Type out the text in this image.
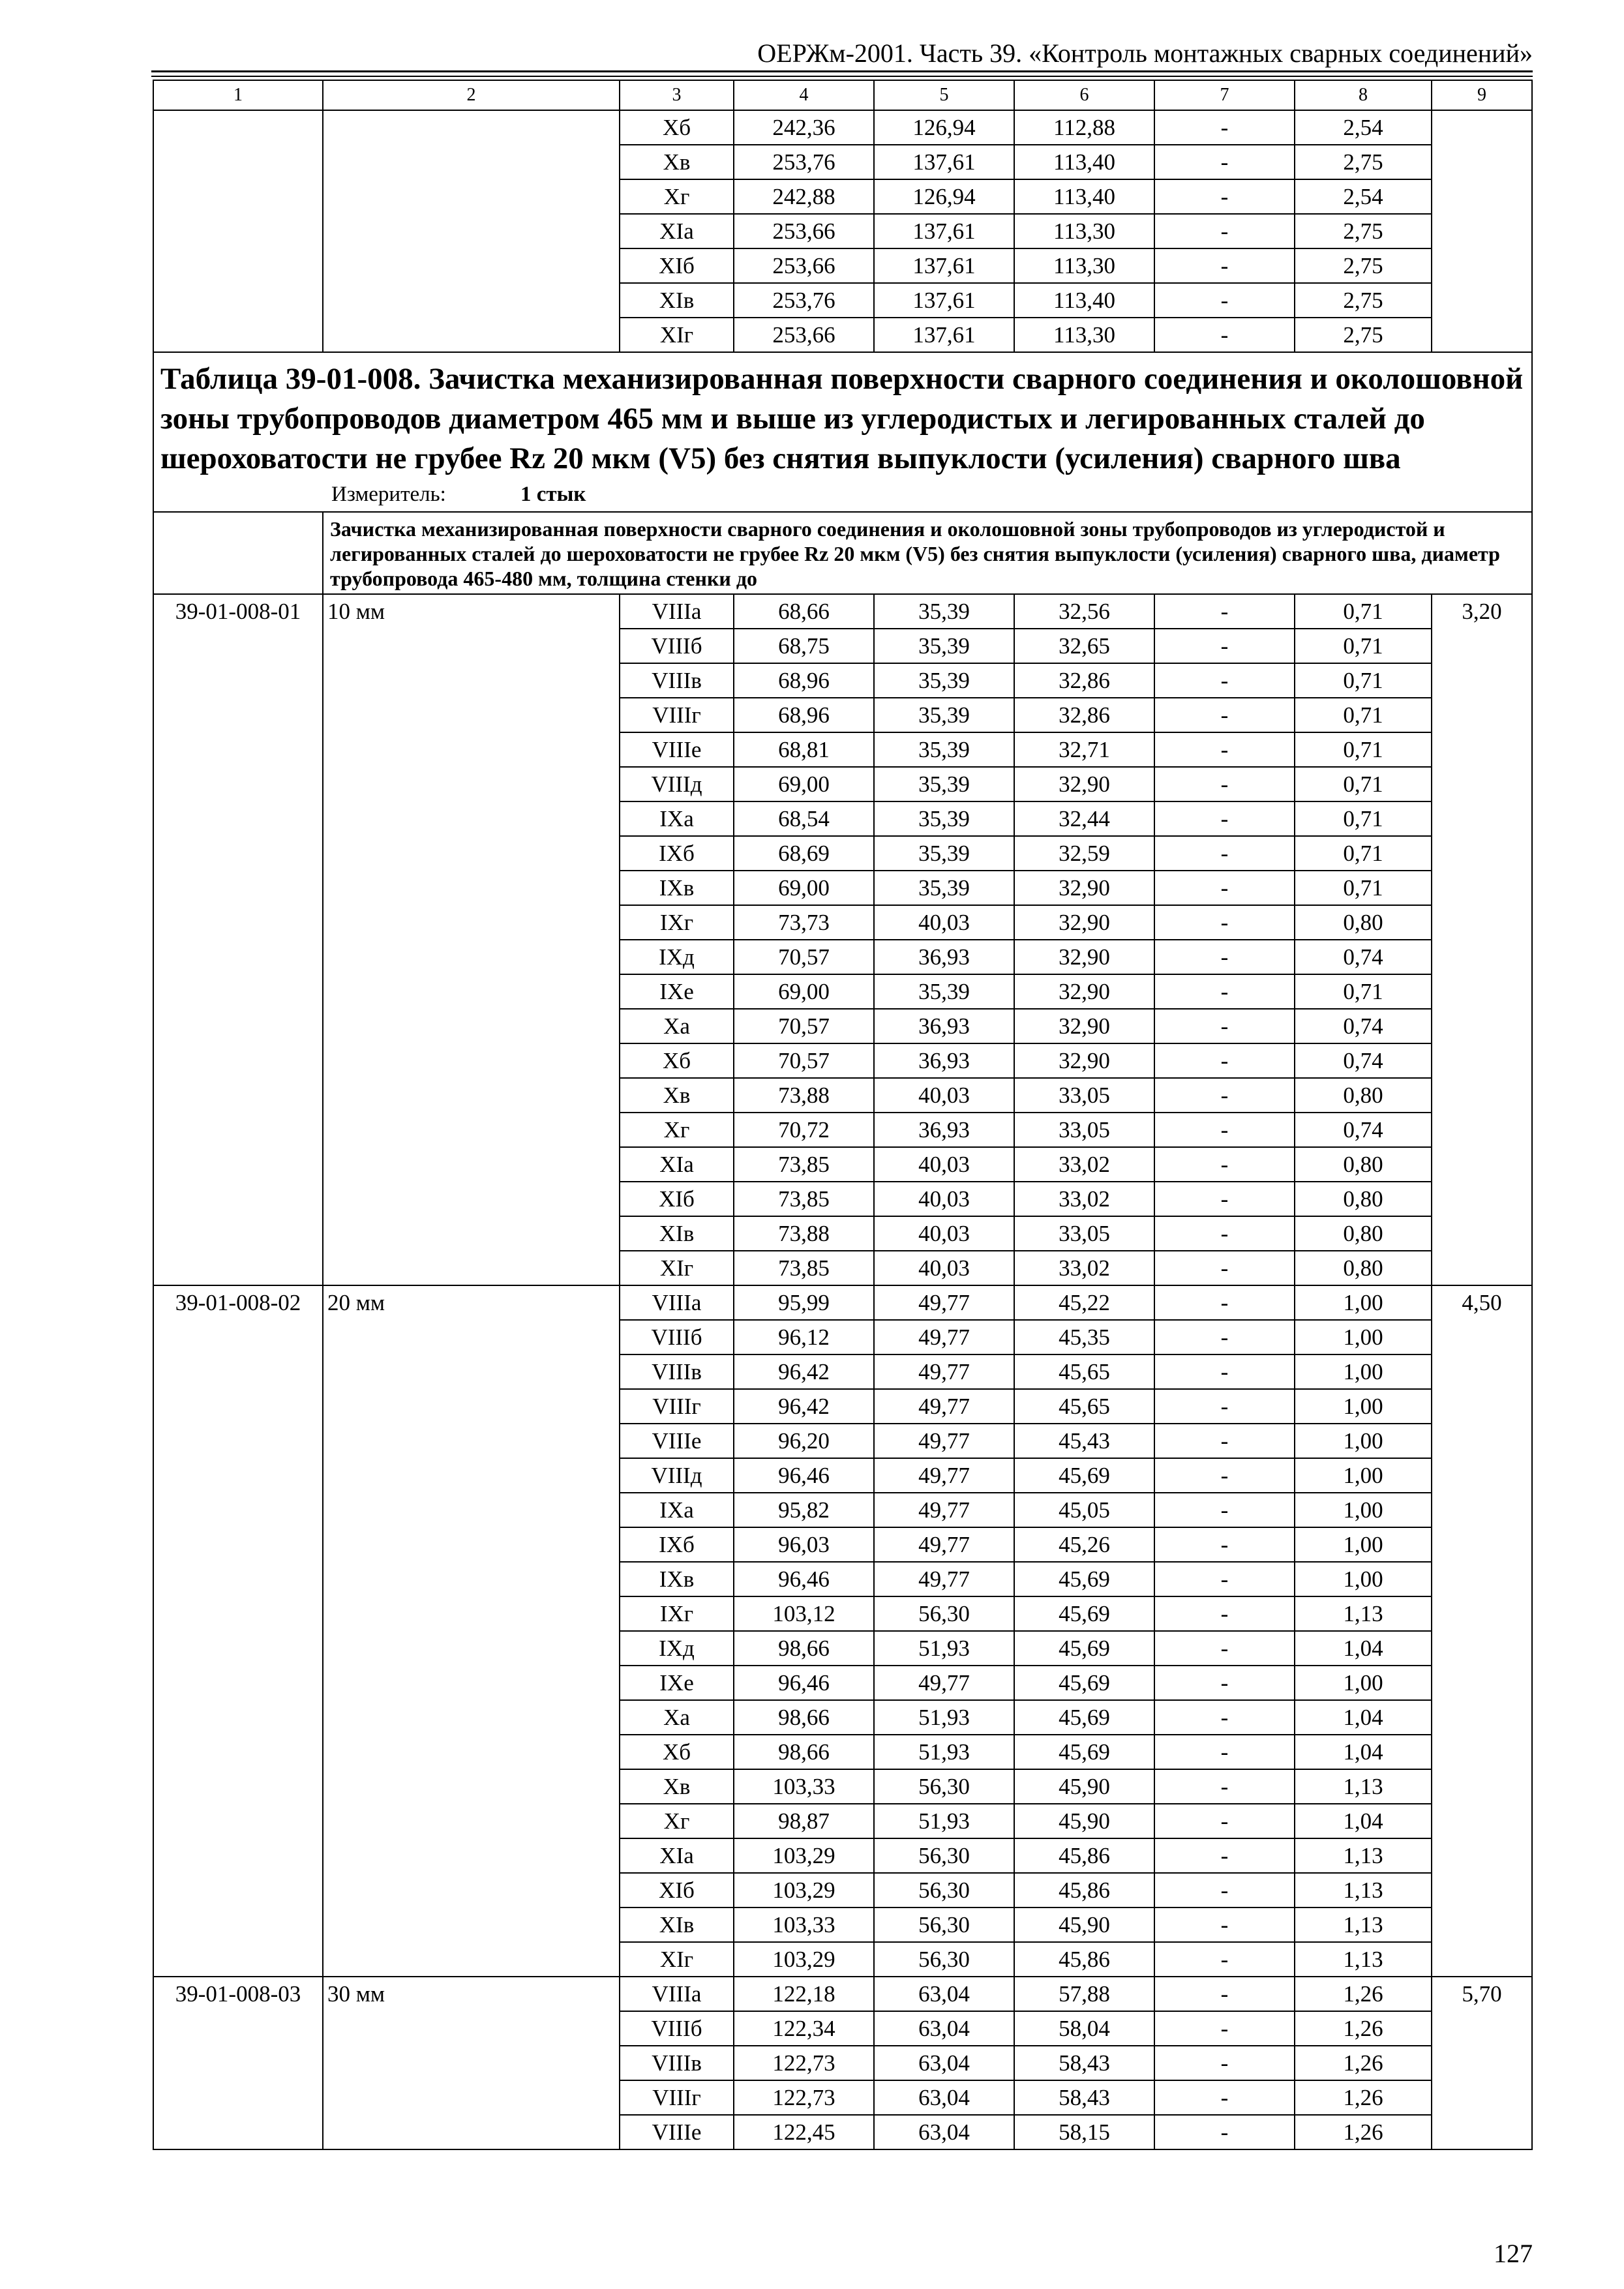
ОЕРЖм-2001. Часть 39. «Контроль монтажных сварных соединений»
1	2	3	4	5	6	7	8	9
		Хб	242,36	126,94	112,88	-	2,54	
		Хв	253,76	137,61	113,40	-	2,75	
		Хг	242,88	126,94	113,40	-	2,54	
		ХIа	253,66	137,61	113,30	-	2,75	
		ХIб	253,66	137,61	113,30	-	2,75	
		ХIв	253,76	137,61	113,40	-	2,75	
		ХIг	253,66	137,61	113,30	-	2,75	

Таблица 39-01-008. Зачистка механизированная поверхности сварного соединения и околошовной зоны трубопроводов диаметром 465 мм и выше из углеродистых и легированных сталей до шероховатости не грубее Rz 20 мкм (V5) без снятия выпуклости (усиления) сварного шва
Измеритель: 1 стык								

	Зачистка механизированная поверхности сварного соединения и околошовной зоны трубопроводов из углеродистой и легированных сталей до шероховатости не грубее Rz 20 мкм (V5) без снятия выпуклости (усиления) сварного шва, диаметр трубопровода 465-480 мм, толщина стенки до							
39-01-008-01	10 мм	VIIIа	68,66	35,39	32,56	-	0,71	3,20
		VIIIб	68,75	35,39	32,65	-	0,71	
		VIIIв	68,96	35,39	32,86	-	0,71	
		VIIIг	68,96	35,39	32,86	-	0,71	
		VIIIе	68,81	35,39	32,71	-	0,71	
		VIIIд	69,00	35,39	32,90	-	0,71	
		IХа	68,54	35,39	32,44	-	0,71	
		IХб	68,69	35,39	32,59	-	0,71	
		IХв	69,00	35,39	32,90	-	0,71	
		IХг	73,73	40,03	32,90	-	0,80	
		IХд	70,57	36,93	32,90	-	0,74	
		IХе	69,00	35,39	32,90	-	0,71	
		Ха	70,57	36,93	32,90	-	0,74	
		Хб	70,57	36,93	32,90	-	0,74	
		Хв	73,88	40,03	33,05	-	0,80	
		Хг	70,72	36,93	33,05	-	0,74	
		ХIа	73,85	40,03	33,02	-	0,80	
		ХIб	73,85	40,03	33,02	-	0,80	
		ХIв	73,88	40,03	33,05	-	0,80	
		ХIг	73,85	40,03	33,02	-	0,80	
39-01-008-02	20 мм	VIIIа	95,99	49,77	45,22	-	1,00	4,50
		VIIIб	96,12	49,77	45,35	-	1,00	
		VIIIв	96,42	49,77	45,65	-	1,00	
		VIIIг	96,42	49,77	45,65	-	1,00	
		VIIIе	96,20	49,77	45,43	-	1,00	
		VIIIд	96,46	49,77	45,69	-	1,00	
		IХа	95,82	49,77	45,05	-	1,00	
		IХб	96,03	49,77	45,26	-	1,00	
		IХв	96,46	49,77	45,69	-	1,00	
		IХг	103,12	56,30	45,69	-	1,13	
		IХд	98,66	51,93	45,69	-	1,04	
		IХе	96,46	49,77	45,69	-	1,00	
		Ха	98,66	51,93	45,69	-	1,04	
		Хб	98,66	51,93	45,69	-	1,04	
		Хв	103,33	56,30	45,90	-	1,13	
		Хг	98,87	51,93	45,90	-	1,04	
		ХIа	103,29	56,30	45,86	-	1,13	
		ХIб	103,29	56,30	45,86	-	1,13	
		ХIв	103,33	56,30	45,90	-	1,13	
		ХIг	103,29	56,30	45,86	-	1,13	
39-01-008-03	30 мм	VIIIа	122,18	63,04	57,88	-	1,26	5,70
		VIIIб	122,34	63,04	58,04	-	1,26	
		VIIIв	122,73	63,04	58,43	-	1,26	
		VIIIг	122,73	63,04	58,43	-	1,26	
		VIIIе	122,45	63,04	58,15	-	1,26	
127
